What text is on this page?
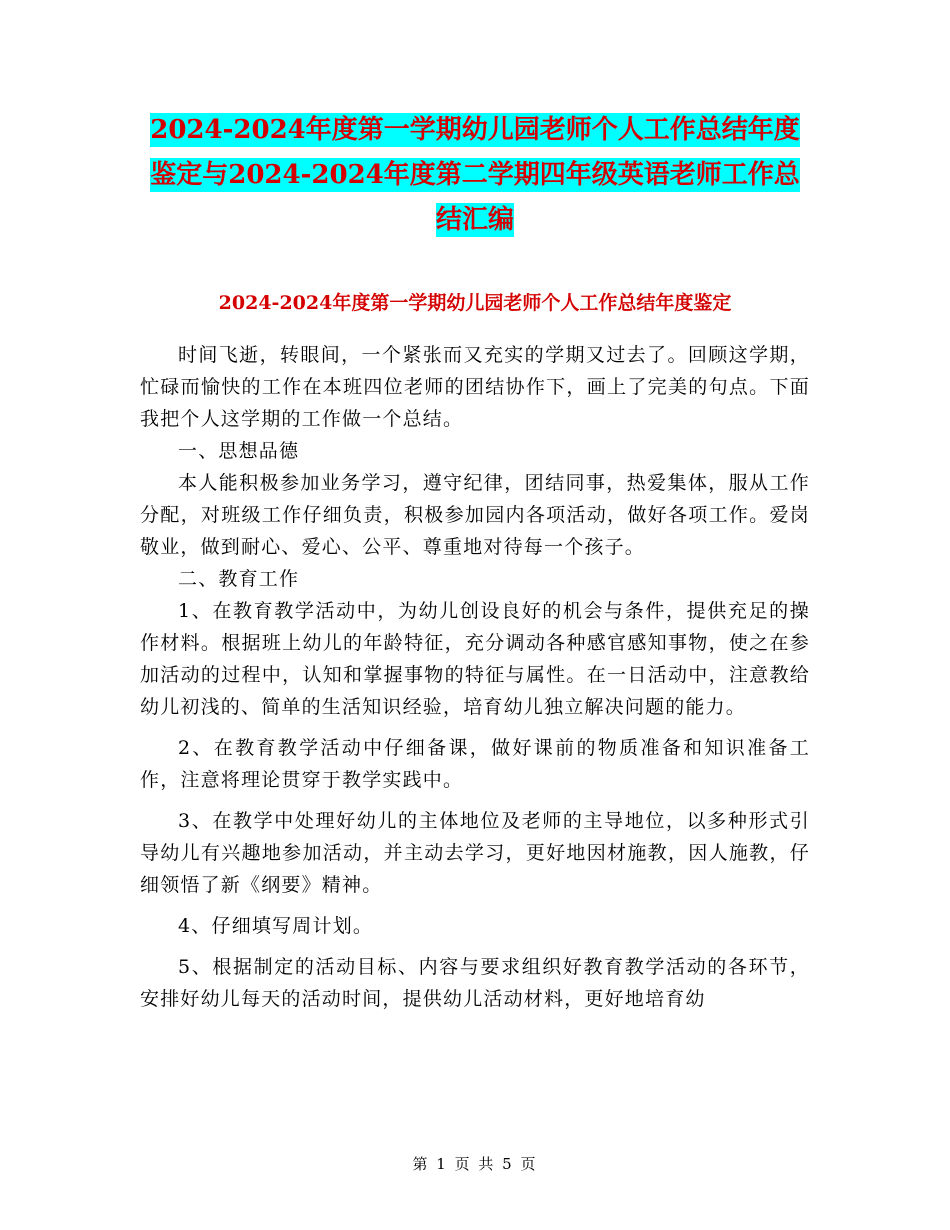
2024-2024年度第一学期幼儿园老师个人工作总结年度鉴定与2024-2024年度第二学期四年级英语老师工作总结汇编
2024-2024年度第一学期幼儿园老师个人工作总结年度鉴定

时间飞逝，转眼间，一个紧张而又充实的学期又过去了。回顾这学期，忙碌而愉快的工作在本班四位老师的团结协作下，画上了完美的句点。下面我把个人这学期的工作做一个总结。

一、思想品德

本人能积极参加业务学习，遵守纪律，团结同事，热爱集体，服从工作分配，对班级工作仔细负责，积极参加园内各项活动，做好各项工作。爱岗敬业，做到耐心、爱心、公平、尊重地对待每一个孩子。

二、教育工作

1、在教育教学活动中，为幼儿创设良好的机会与条件，提供充足的操作材料。根据班上幼儿的年龄特征，充分调动各种感官感知事物，使之在参加活动的过程中，认知和掌握事物的特征与属性。在一日活动中，注意教给幼儿初浅的、简单的生活知识经验，培育幼儿独立解决问题的能力。

2、在教育教学活动中仔细备课，做好课前的物质准备和知识准备工作，注意将理论贯穿于教学实践中。

3、在教学中处理好幼儿的主体地位及老师的主导地位，以多种形式引导幼儿有兴趣地参加活动，并主动去学习，更好地因材施教，因人施教，仔细领悟了新《纲要》精神。

4、仔细填写周计划。

5、根据制定的活动目标、内容与要求组织好教育教学活动的各环节，安排好幼儿每天的活动时间，提供幼儿活动材料，更好地培育幼

第 1 页 共 5 页
